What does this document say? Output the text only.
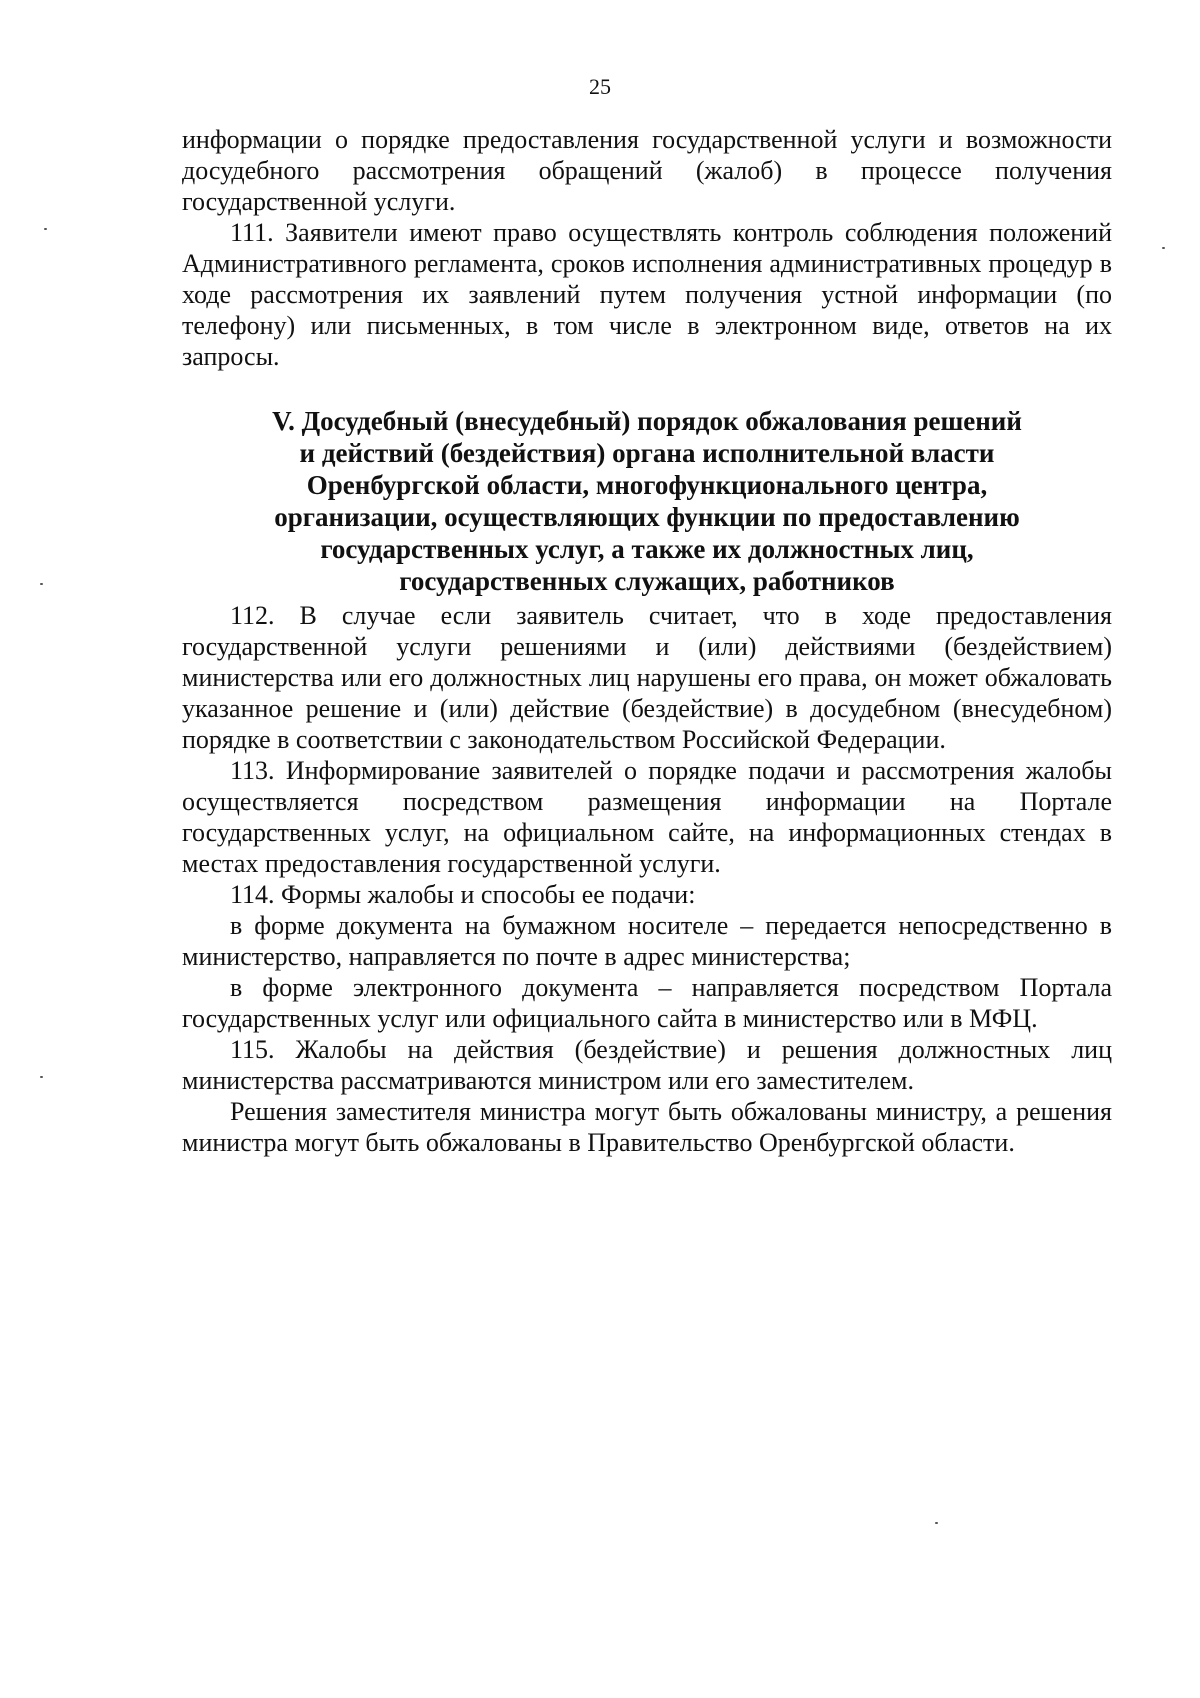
25

информации о порядке предоставления государственной услуги и возможности досудебного рассмотрения обращений (жалоб) в процессе получения государственной услуги.

111. Заявители имеют право осуществлять контроль соблюдения положений Административного регламента, сроков исполнения административных процедур в ходе рассмотрения их заявлений путем получения устной информации (по телефону) или письменных, в том числе в электронном виде, ответов на их запросы.

V. Досудебный (внесудебный) порядок обжалования решений
и действий (бездействия) органа исполнительной власти
Оренбургской области, многофункционального центра,
организации, осуществляющих функции по предоставлению
государственных услуг, а также их должностных лиц,
государственных служащих, работников

112. В случае если заявитель считает, что в ходе предоставления государственной услуги решениями и (или) действиями (бездействием) министерства или его должностных лиц нарушены его права, он может обжаловать указанное решение и (или) действие (бездействие) в досудебном (внесудебном) порядке в соответствии с законодательством Российской Федерации.

113. Информирование заявителей о порядке подачи и рассмотрения жалобы осуществляется посредством размещения информации на Портале государственных услуг, на официальном сайте, на информационных стендах в местах предоставления государственной услуги.

114. Формы жалобы и способы ее подачи:

в форме документа на бумажном носителе – передается непосредственно в министерство, направляется по почте в адрес министерства;

в форме электронного документа – направляется посредством Портала государственных услуг или официального сайта в министерство или в МФЦ.

115. Жалобы на действия (бездействие) и решения должностных лиц министерства рассматриваются министром или его заместителем.

Решения заместителя министра могут быть обжалованы министру, а решения министра могут быть обжалованы в Правительство Оренбургской области.
